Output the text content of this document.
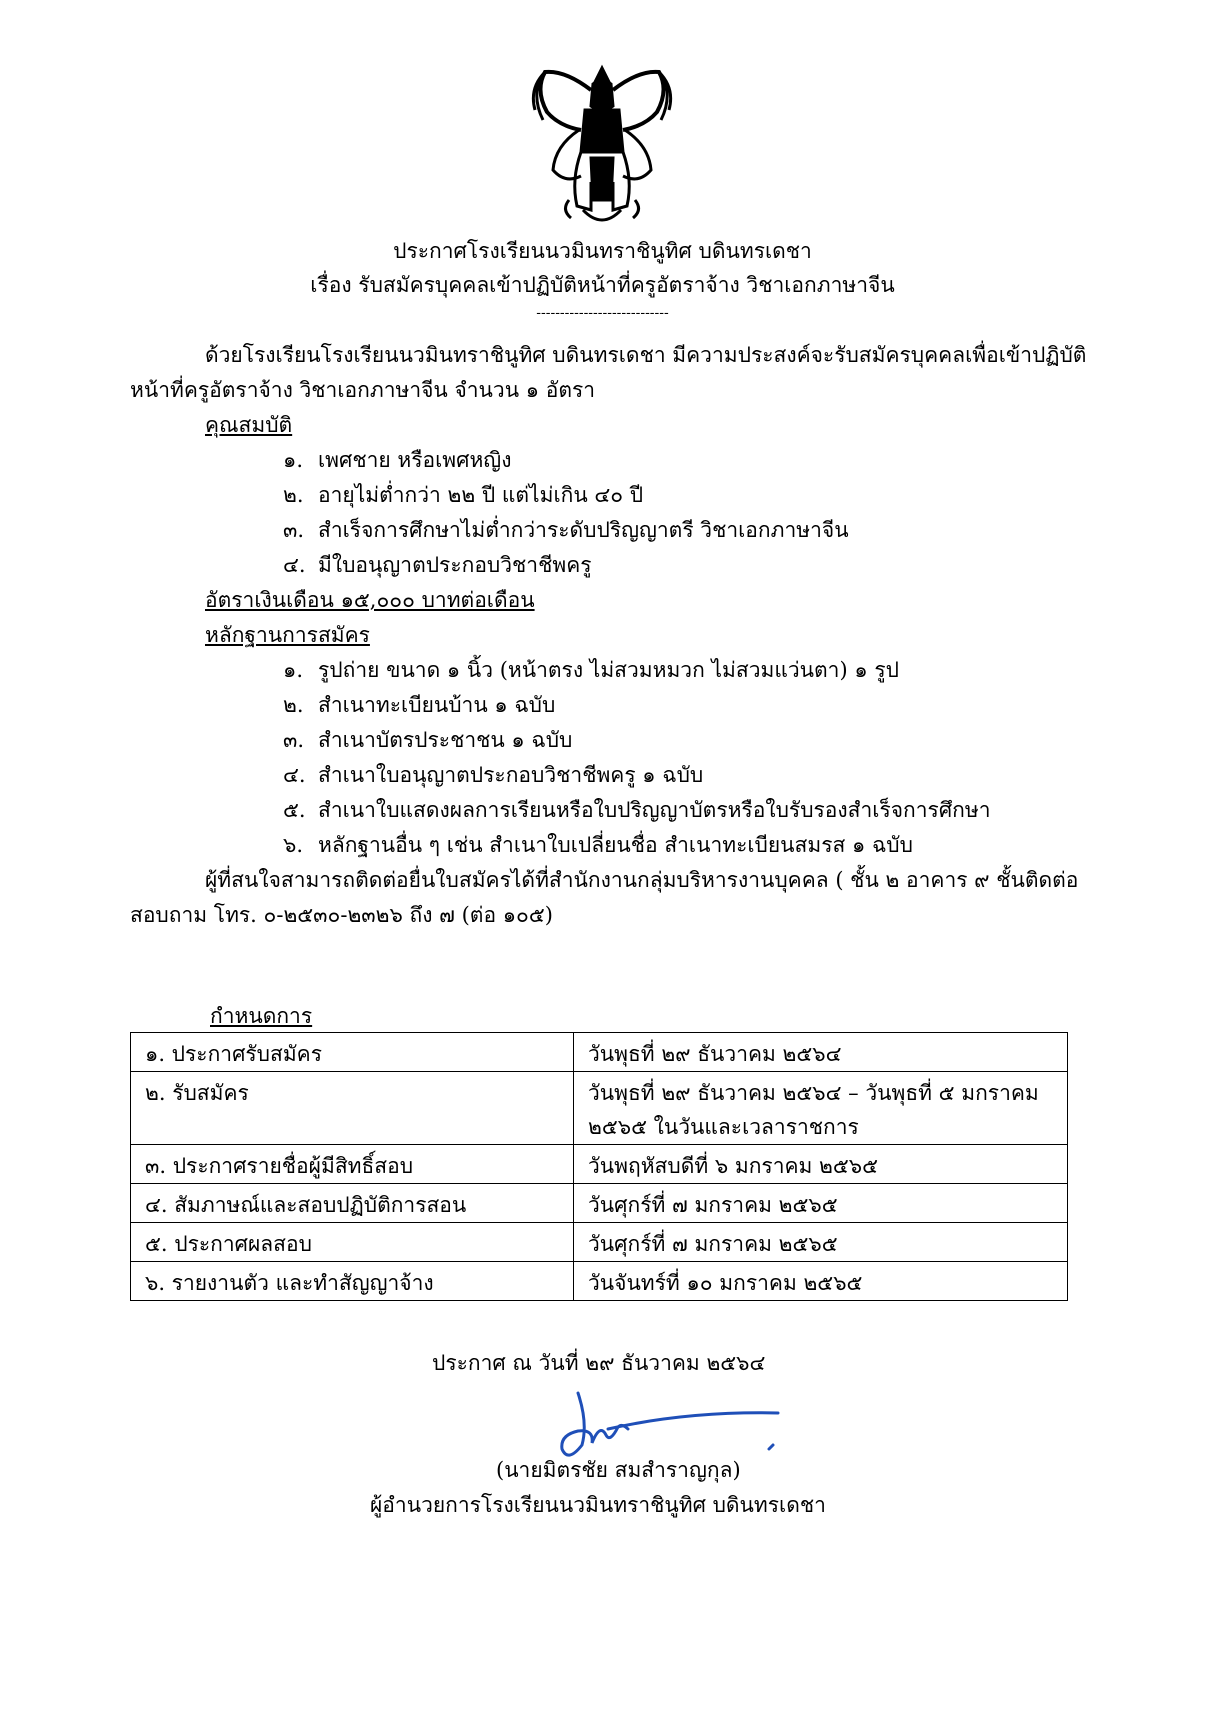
ประกาศโรงเรียนนวมินทราชินูทิศ บดินทรเดชา
เรื่อง รับสมัครบุคคลเข้าปฏิบัติหน้าที่ครูอัตราจ้าง วิชาเอกภาษาจีน
----------------------------
ด้วยโรงเรียนโรงเรียนนวมินทราชินูทิศ บดินทรเดชา มีความประสงค์จะรับสมัครบุคคลเพื่อเข้าปฏิบัติ
หน้าที่ครูอัตราจ้าง วิชาเอกภาษาจีน จำนวน ๑ อัตรา
คุณสมบัติ
๑. เพศชาย หรือเพศหญิง
๒. อายุไม่ต่ำกว่า ๒๒ ปี แต่ไม่เกิน ๔๐ ปี
๓. สำเร็จการศึกษาไม่ต่ำกว่าระดับปริญญาตรี วิชาเอกภาษาจีน
๔. มีใบอนุญาตประกอบวิชาชีพครู
อัตราเงินเดือน ๑๕,๐๐๐ บาทต่อเดือน
หลักฐานการสมัคร
๑. รูปถ่าย ขนาด ๑ นิ้ว (หน้าตรง ไม่สวมหมวก ไม่สวมแว่นตา) ๑ รูป
๒. สำเนาทะเบียนบ้าน ๑ ฉบับ
๓. สำเนาบัตรประชาชน ๑ ฉบับ
๔. สำเนาใบอนุญาตประกอบวิชาชีพครู ๑ ฉบับ
๕. สำเนาใบแสดงผลการเรียนหรือใบปริญญาบัตรหรือใบรับรองสำเร็จการศึกษา
๖. หลักฐานอื่น ๆ เช่น สำเนาใบเปลี่ยนชื่อ สำเนาทะเบียนสมรส ๑ ฉบับ
ผู้ที่สนใจสามารถติดต่อยื่นใบสมัครได้ที่สำนักงานกลุ่มบริหารงานบุคคล ( ชั้น ๒ อาคาร ๙ ชั้นติดต่อ
สอบถาม โทร. ๐-๒๕๓๐-๒๓๒๖ ถึง ๗ (ต่อ ๑๐๕)
กำหนดการ
๑. ประกาศรับสมัคร	วันพุธที่ ๒๙ ธันวาคม ๒๕๖๔
๒. รับสมัคร	วันพุธที่ ๒๙ ธันวาคม ๒๕๖๔ – วันพุธที่ ๕ มกราคม ๒๕๖๕ ในวันและเวลาราชการ
๓. ประกาศรายชื่อผู้มีสิทธิ์สอบ	วันพฤหัสบดีที่ ๖ มกราคม ๒๕๖๕
๔. สัมภาษณ์และสอบปฏิบัติการสอน	วันศุกร์ที่ ๗ มกราคม ๒๕๖๕
๕. ประกาศผลสอบ	วันศุกร์ที่ ๗ มกราคม ๒๕๖๕
๖. รายงานตัว และทำสัญญาจ้าง	วันจันทร์ที่ ๑๐ มกราคม ๒๕๖๕
ประกาศ ณ วันที่ ๒๙ ธันวาคม ๒๕๖๔
(นายมิตรชัย สมสำราญกุล)
ผู้อำนวยการโรงเรียนนวมินทราชินูทิศ บดินทรเดชา
